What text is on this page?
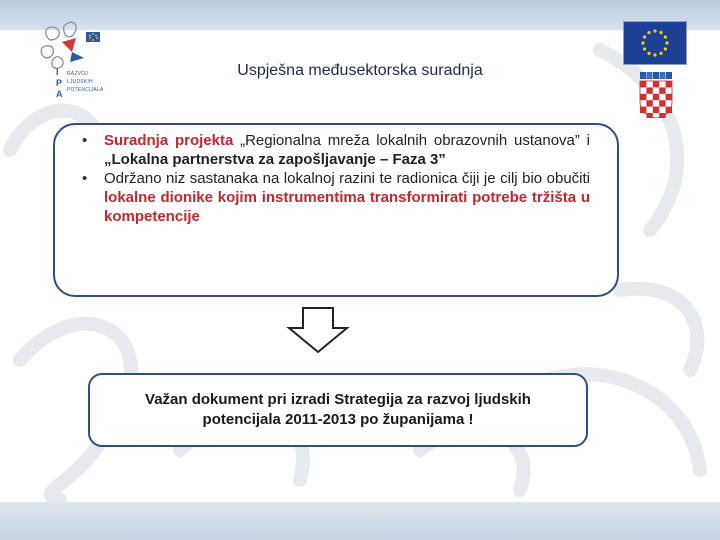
I
P
A
RAZVOJ
LJUDSKIH
POTENCIJALA
Uspješna međusektorska suradnja
• Suradnja projekta „Regionalna mreža lokalnih obrazovnih ustanova” i „Lokalna partnerstva za zapošljavanje – Faza 3”
• Održano niz sastanaka na lokalnoj razini te radionica čiji je cilj bio obučiti lokalne dionike kojim instrumentima transformirati potrebe tržišta u kompetencije
Važan dokument pri izradi Strategija za razvoj ljudskih potencijala 2011-2013 po županijama !
